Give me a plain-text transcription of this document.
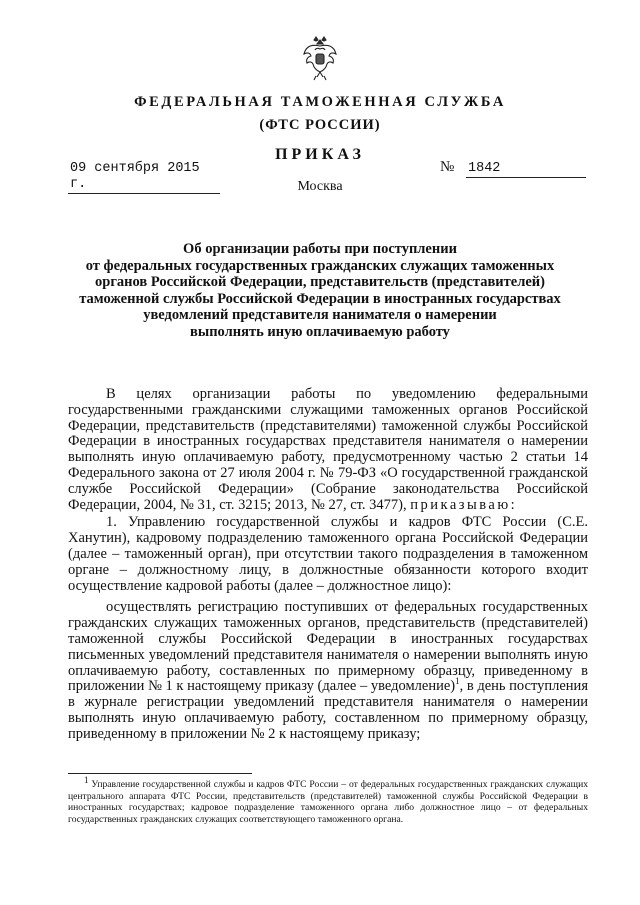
ФЕДЕРАЛЬНАЯ ТАМОЖЕННАЯ СЛУЖБА
(ФТС РОССИИ)
ПРИКАЗ
09 сентября 2015 г.
№ 1842
Москва
Об организации работы при поступлении
от федеральных государственных гражданских служащих таможенных
органов Российской Федерации, представительств (представителей)
таможенной службы Российской Федерации в иностранных государствах
уведомлений представителя нанимателя о намерении
выполнять иную оплачиваемую работу
В целях организации работы по уведомлению федеральными государственными гражданскими служащими таможенных органов Российской Федерации, представительств (представителями) таможенной службы Российской Федерации в иностранных государствах представителя нанимателя о намерении выполнять иную оплачиваемую работу, предусмотренному частью 2 статьи 14 Федерального закона от 27 июля 2004 г. № 79-ФЗ «О государственной гражданской службе Российской Федерации» (Собрание законодательства Российской Федерации, 2004, № 31, ст. 3215; 2013, № 27, ст. 3477), приказываю:
1. Управлению государственной службы и кадров ФТС России (С.Е. Ханутин), кадровому подразделению таможенного органа Российской Федерации (далее – таможенный орган), при отсутствии такого подразделения в таможенном органе – должностному лицу, в должностные обязанности которого входит осуществление кадровой работы (далее – должностное лицо):
осуществлять регистрацию поступивших от федеральных государственных гражданских служащих таможенных органов, представительств (представителей) таможенной службы Российской Федерации в иностранных государствах письменных уведомлений представителя нанимателя о намерении выполнять иную оплачиваемую работу, составленных по примерному образцу, приведенному в приложении № 1 к настоящему приказу (далее – уведомление)$^1$, в день поступления в журнале регистрации уведомлений представителя нанимателя о намерении выполнять иную оплачиваемую работу, составленном по примерному образцу, приведенному в приложении № 2 к настоящему приказу;
$^1$ Управление государственной службы и кадров ФТС России – от федеральных государственных гражданских служащих центрального аппарата ФТС России, представительств (представителей) таможенной службы Российской Федерации в иностранных государствах; кадровое подразделение таможенного органа либо должностное лицо – от федеральных государственных гражданских служащих соответствующего таможенного органа.
